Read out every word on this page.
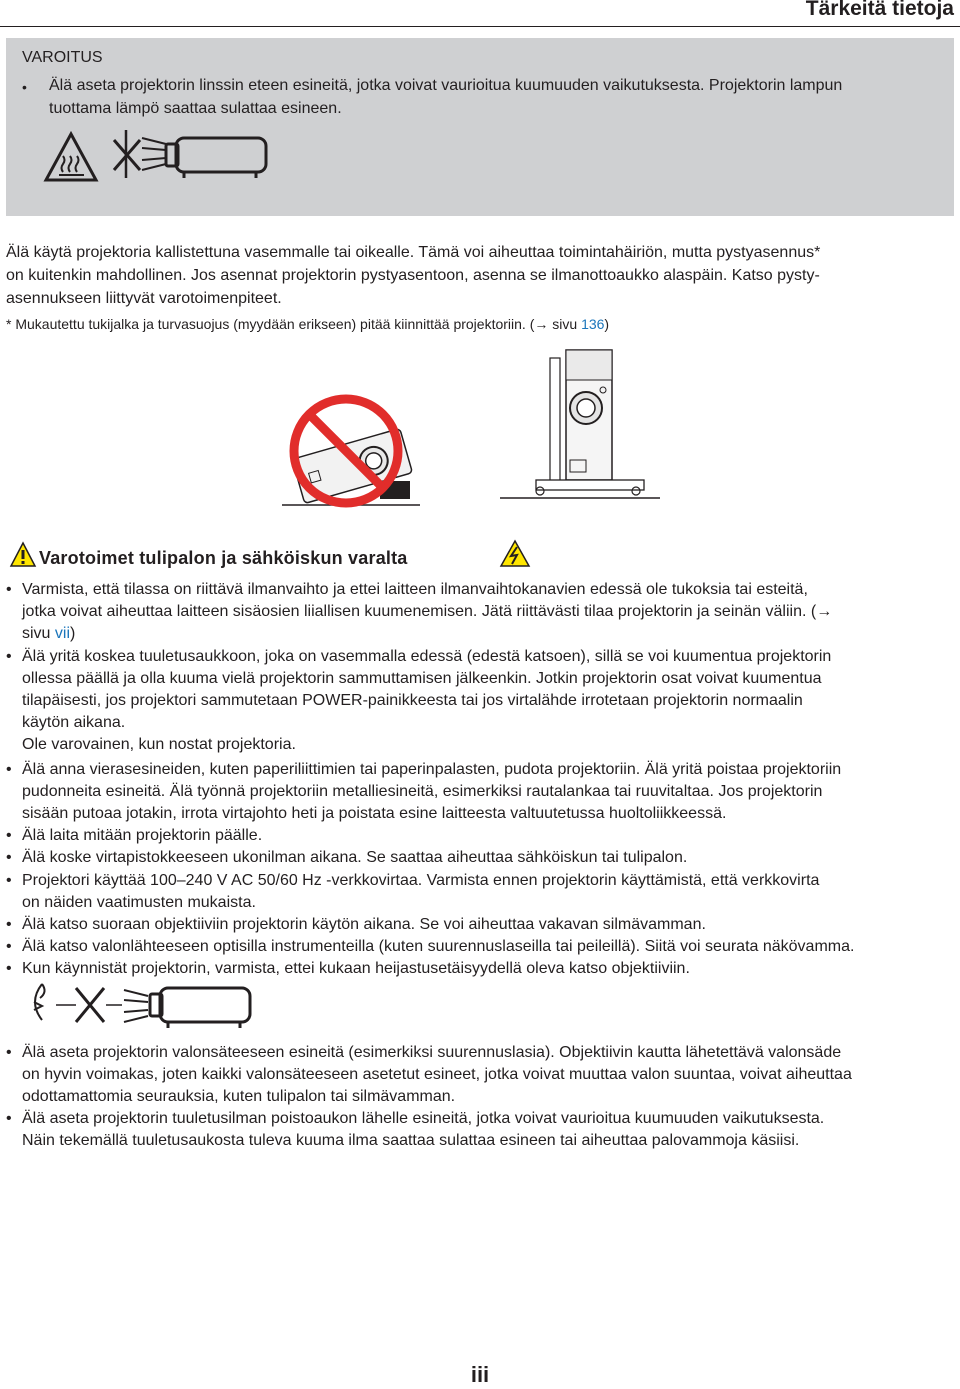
Tärkeitä tietoja
VAROITUS
• Älä aseta projektorin linssin eteen esineitä, jotka voivat vaurioitua kuumuuden vaikutuksesta. Projektorin lampun
tuottama lämpö saattaa sulattaa esineen.
Älä käytä projektoria kallistettuna vasemmalle tai oikealle. Tämä voi aiheuttaa toimintahäiriön, mutta pystyasennus*
on kuitenkin mahdollinen. Jos asennat projektorin pystyasentoon, asenna se ilmanottoaukko alaspäin. Katso pysty-
asennukseen liittyvät varotoimenpiteet.
* Mukautettu tukijalka ja turvasuojus (myydään erikseen) pitää kiinnittää projektoriin. (→ sivu 136)
Varotoimet tulipalon ja sähköiskun varalta
• Varmista, että tilassa on riittävä ilmanvaihto ja ettei laitteen ilmanvaihtokanavien edessä ole tukoksia tai esteitä,
jotka voivat aiheuttaa laitteen sisäosien liiallisen kuumenemisen. Jätä riittävästi tilaa projektorin ja seinän väliin. (→
sivu vii)
• Älä yritä koskea tuuletusaukkoon, joka on vasemmalla edessä (edestä katsoen), sillä se voi kuumentua projektorin
ollessa päällä ja olla kuuma vielä projektorin sammuttamisen jälkeenkin. Jotkin projektorin osat voivat kuumentua
tilapäisesti, jos projektori sammutetaan POWER-painikkeesta tai jos virtalähde irrotetaan projektorin normaalin
käytön aikana.
Ole varovainen, kun nostat projektoria.
• Älä anna vierasesineiden, kuten paperiliittimien tai paperinpalasten, pudota projektoriin. Älä yritä poistaa projektoriin
pudonneita esineitä. Älä työnnä projektoriin metalliesineitä, esimerkiksi rautalankaa tai ruuvitaltaa. Jos projektorin
sisään putoaa jotakin, irrota virtajohto heti ja poistata esine laitteesta valtuutetussa huoltoliikkeessä.
• Älä laita mitään projektorin päälle.
• Älä koske virtapistokkeeseen ukonilman aikana. Se saattaa aiheuttaa sähköiskun tai tulipalon.
• Projektori käyttää 100–240 V AC 50/60 Hz -verkkovirtaa. Varmista ennen projektorin käyttämistä, että verkkovirta
on näiden vaatimusten mukaista.
• Älä katso suoraan objektiiviin projektorin käytön aikana. Se voi aiheuttaa vakavan silmävamman.
• Älä katso valonlähteeseen optisilla instrumenteilla (kuten suurennuslaseilla tai peileillä). Siitä voi seurata näkövamma.
• Kun käynnistät projektorin, varmista, ettei kukaan heijastusetäisyydellä oleva katso objektiiviin.
• Älä aseta projektorin valonsäteeseen esineitä (esimerkiksi suurennuslasia). Objektiivin kautta lähetettävä valonsäde
on hyvin voimakas, joten kaikki valonsäteeseen asetetut esineet, jotka voivat muuttaa valon suuntaa, voivat aiheuttaa
odottamattomia seurauksia, kuten tulipalon tai silmävamman.
• Älä aseta projektorin tuuletusilman poistoaukon lähelle esineitä, jotka voivat vaurioitua kuumuuden vaikutuksesta.
Näin tekemällä tuuletusaukosta tuleva kuuma ilma saattaa sulattaa esineen tai aiheuttaa palovammoja käsiisi.
iii
